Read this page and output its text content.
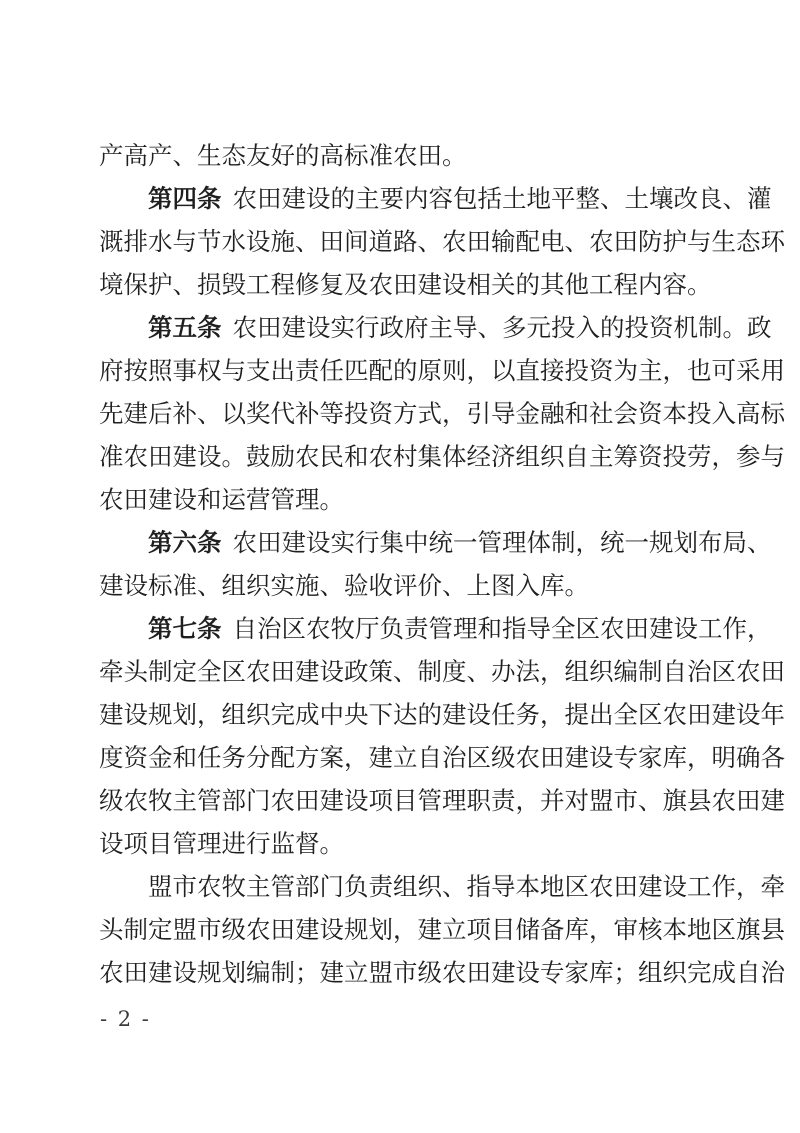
产 高 产 、 生 态 友 好 的 高 标 准 农 田 。
第 四 条 农 田 建 设 的 主 要 内 容 包 括 土 地 平 整 、 土 壤 改 良 、 灌
溉 排 水 与 节 水 设 施 、 田 间 道 路 、 农 田 输 配 电 、 农 田 防 护 与 生 态 环
境 保 护 、 损 毁 工 程 修 复 及 农 田 建 设 相 关 的 其 他 工 程 内 容 。
第 五 条 农 田 建 设 实 行 政 府 主 导 、 多 元 投 入 的 投 资 机 制 。 政
府 按 照 事 权 与 支 出 责 任 匹 配 的 原 则 ， 以 直 接 投 资 为 主 ， 也 可 采 用
先 建 后 补 、 以 奖 代 补 等 投 资 方 式 ， 引 导 金 融 和 社 会 资 本 投 入 高 标
准 农 田 建 设 。 鼓 励 农 民 和 农 村 集 体 经 济 组 织 自 主 筹 资 投 劳 ， 参 与
农 田 建 设 和 运 营 管 理 。
第 六 条 农 田 建 设 实 行 集 中 统 一 管 理 体 制 ， 统 一 规 划 布 局 、
建 设 标 准 、 组 织 实 施 、 验 收 评 价 、 上 图 入 库 。
第 七 条 自 治 区 农 牧 厅 负 责 管 理 和 指 导 全 区 农 田 建 设 工 作 ，
牵 头 制 定 全 区 农 田 建 设 政 策 、 制 度 、 办 法 ， 组 织 编 制 自 治 区 农 田
建 设 规 划 ， 组 织 完 成 中 央 下 达 的 建 设 任 务 ， 提 出 全 区 农 田 建 设 年
度 资 金 和 任 务 分 配 方 案 ， 建 立 自 治 区 级 农 田 建 设 专 家 库 ， 明 确 各
级 农 牧 主 管 部 门 农 田 建 设 项 目 管 理 职 责 ， 并 对 盟 市 、 旗 县 农 田 建
设 项 目 管 理 进 行 监 督 。
盟 市 农 牧 主 管 部 门 负 责 组 织 、 指 导 本 地 区 农 田 建 设 工 作 ， 牵
头 制 定 盟 市 级 农 田 建 设 规 划 ， 建 立 项 目 储 备 库 ， 审 核 本 地 区 旗 县
农 田 建 设 规 划 编 制 ； 建 立 盟 市 级 农 田 建 设 专 家 库 ； 组 织 完 成 自 治
- 2 -
